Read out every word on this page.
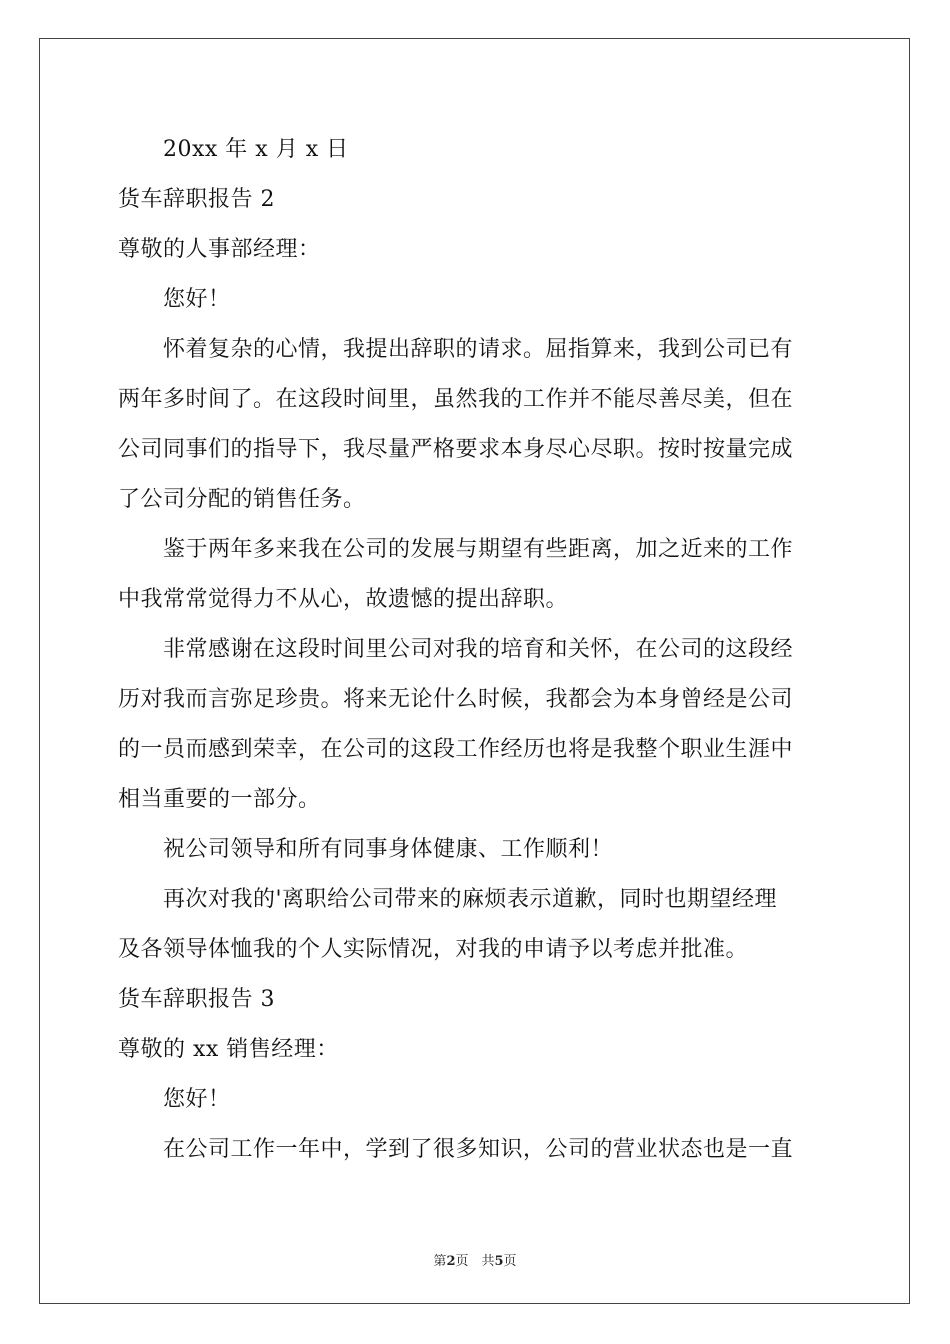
20xx 年 x 月 x 日
货车辞职报告 2
尊敬的人事部经理：
您好！
怀着复杂的心情，我提出辞职的请求。屈指算来，我到公司已有
两年多时间了。在这段时间里，虽然我的工作并不能尽善尽美，但在
公司同事们的指导下，我尽量严格要求本身尽心尽职。按时按量完成
了公司分配的销售任务。
鉴于两年多来我在公司的发展与期望有些距离，加之近来的工作
中我常常觉得力不从心，故遗憾的提出辞职。
非常感谢在这段时间里公司对我的培育和关怀，在公司的这段经
历对我而言弥足珍贵。将来无论什么时候，我都会为本身曾经是公司
的一员而感到荣幸，在公司的这段工作经历也将是我整个职业生涯中
相当重要的一部分。
祝公司领导和所有同事身体健康、工作顺利！
再次对我的'离职给公司带来的麻烦表示道歉，同时也期望经理
及各领导体恤我的个人实际情况，对我的申请予以考虑并批准。
货车辞职报告 3
尊敬的 xx 销售经理：
您好！
在公司工作一年中，学到了很多知识，公司的营业状态也是一直
第2页　共5页
